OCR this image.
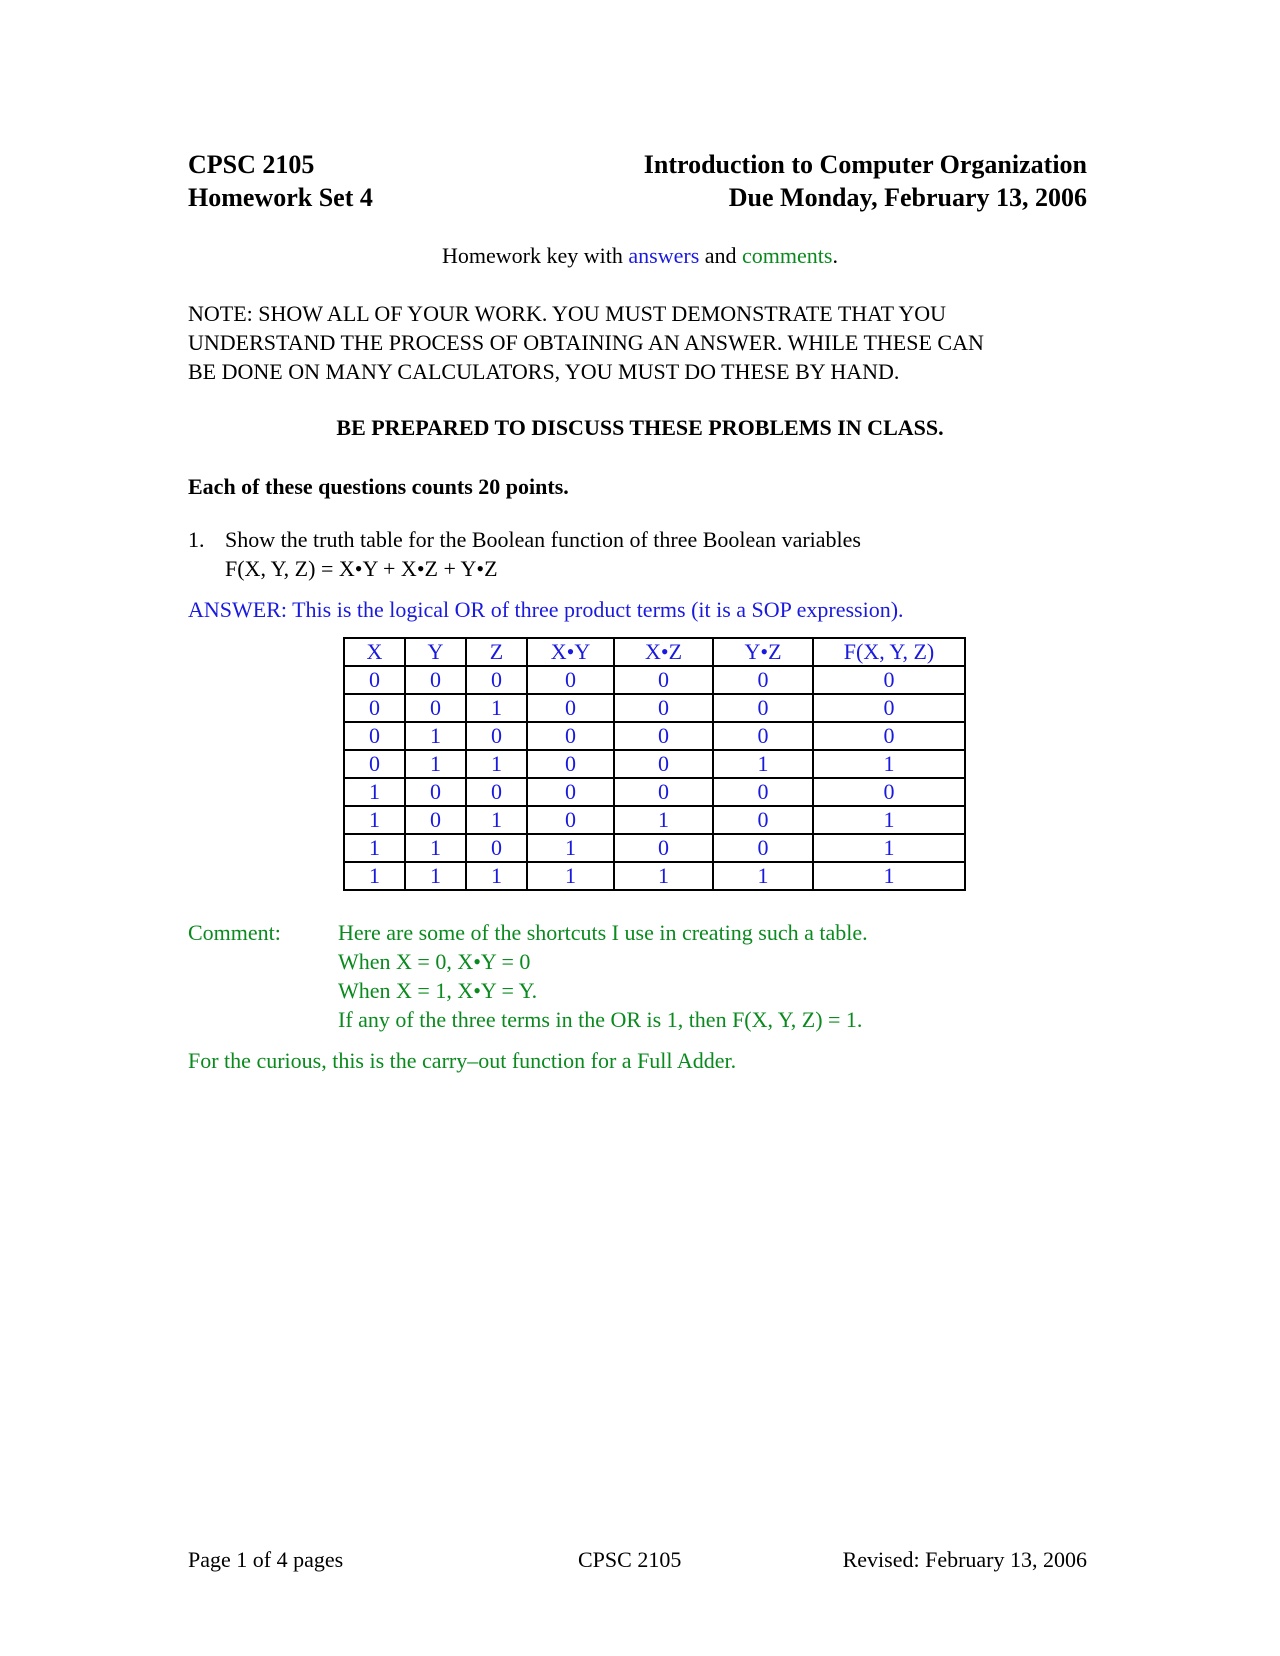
CPSC 2105
Homework Set 4
Introduction to Computer Organization
Due Monday, February 13, 2006
Homework key with answers and comments.
NOTE: SHOW ALL OF YOUR WORK. YOU MUST DEMONSTRATE THAT YOU
UNDERSTAND THE PROCESS OF OBTAINING AN ANSWER. WHILE THESE CAN
BE DONE ON MANY CALCULATORS, YOU MUST DO THESE BY HAND.
BE PREPARED TO DISCUSS THESE PROBLEMS IN CLASS.
Each of these questions counts 20 points.
1. Show the truth table for the Boolean function of three Boolean variables
F(X, Y, Z) = X•Y + X•Z + Y•Z
ANSWER: This is the logical OR of three product terms (it is a SOP expression).
X	Y	Z	X•Y	X•Z	Y•Z	F(X, Y, Z)
0	0	0	0	0	0	0
0	0	1	0	0	0	0
0	1	0	0	0	0	0
0	1	1	0	0	1	1
1	0	0	0	0	0	0
1	0	1	0	1	0	1
1	1	0	1	0	0	1
1	1	1	1	1	1	1
Comment:	Here are some of the shortcuts I use in creating such a table.
When X = 0, X•Y = 0
When X = 1, X•Y = Y.
If any of the three terms in the OR is 1, then F(X, Y, Z) = 1.
For the curious, this is the carry–out function for a Full Adder.
Page 1 of 4 pages	CPSC 2105	Revised: February 13, 2006
